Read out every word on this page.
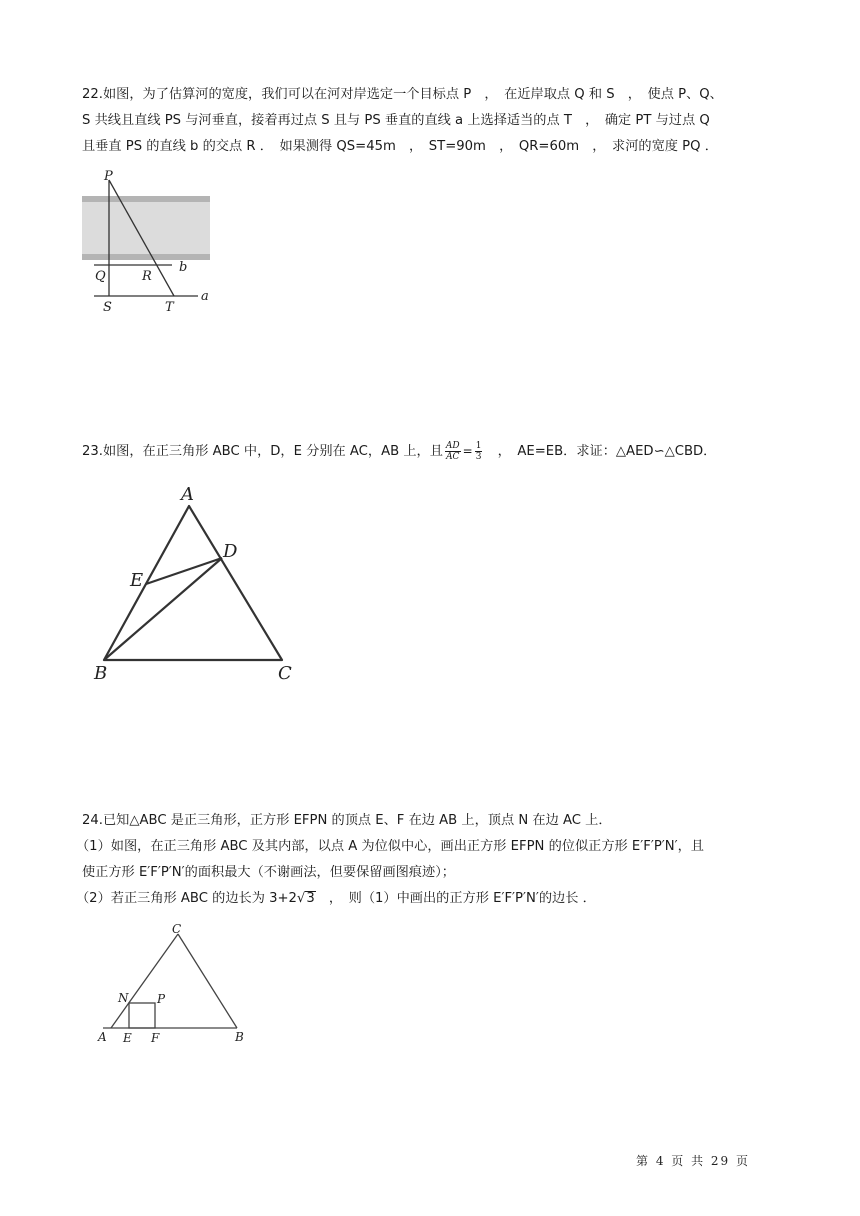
22.如图，为了估算河的宽度，我们可以在河对岸选定一个目标点 P　，　在近岸取点 Q 和 S　，　使点 P、Q、
S 共线且直线 PS 与河垂直，接着再过点 S 且与 PS 垂直的直线 a 上选择适当的点 T　，　确定 PT 与过点 Q
且垂直 PS 的直线 b 的交点 R ．　如果测得 QS=45m　，　ST=90m　，　QR=60m　，　求河的宽度 PQ ．
P
Q	R
b
S	T
a
23.如图，在正三角形 ABC 中，D，E 分别在 AC，AB 上，且 $\frac{AD}{AC} = \frac{1}{3}$ 　，　AE=EB．求证：△AED∽△CBD．
A
D
E
B	C
24.已知△ABC 是正三角形，正方形 EFPN 的顶点 E、F 在边 AB 上，顶点 N 在边 AC 上．
（1）如图，在正三角形 ABC 及其内部，以点 A 为位似中心，画出正方形 EFPN 的位似正方形 E′F′P′N′，且
使正方形 E′F′P′N′的面积最大（不谢画法，但要保留画图痕迹）；
（2）若正三角形 ABC 的边长为 3+2√3　，　则（1）中画出的正方形 E′F′P′N′的边长 ．
C
N P
A E F	B
第 4 页 共 29 页
